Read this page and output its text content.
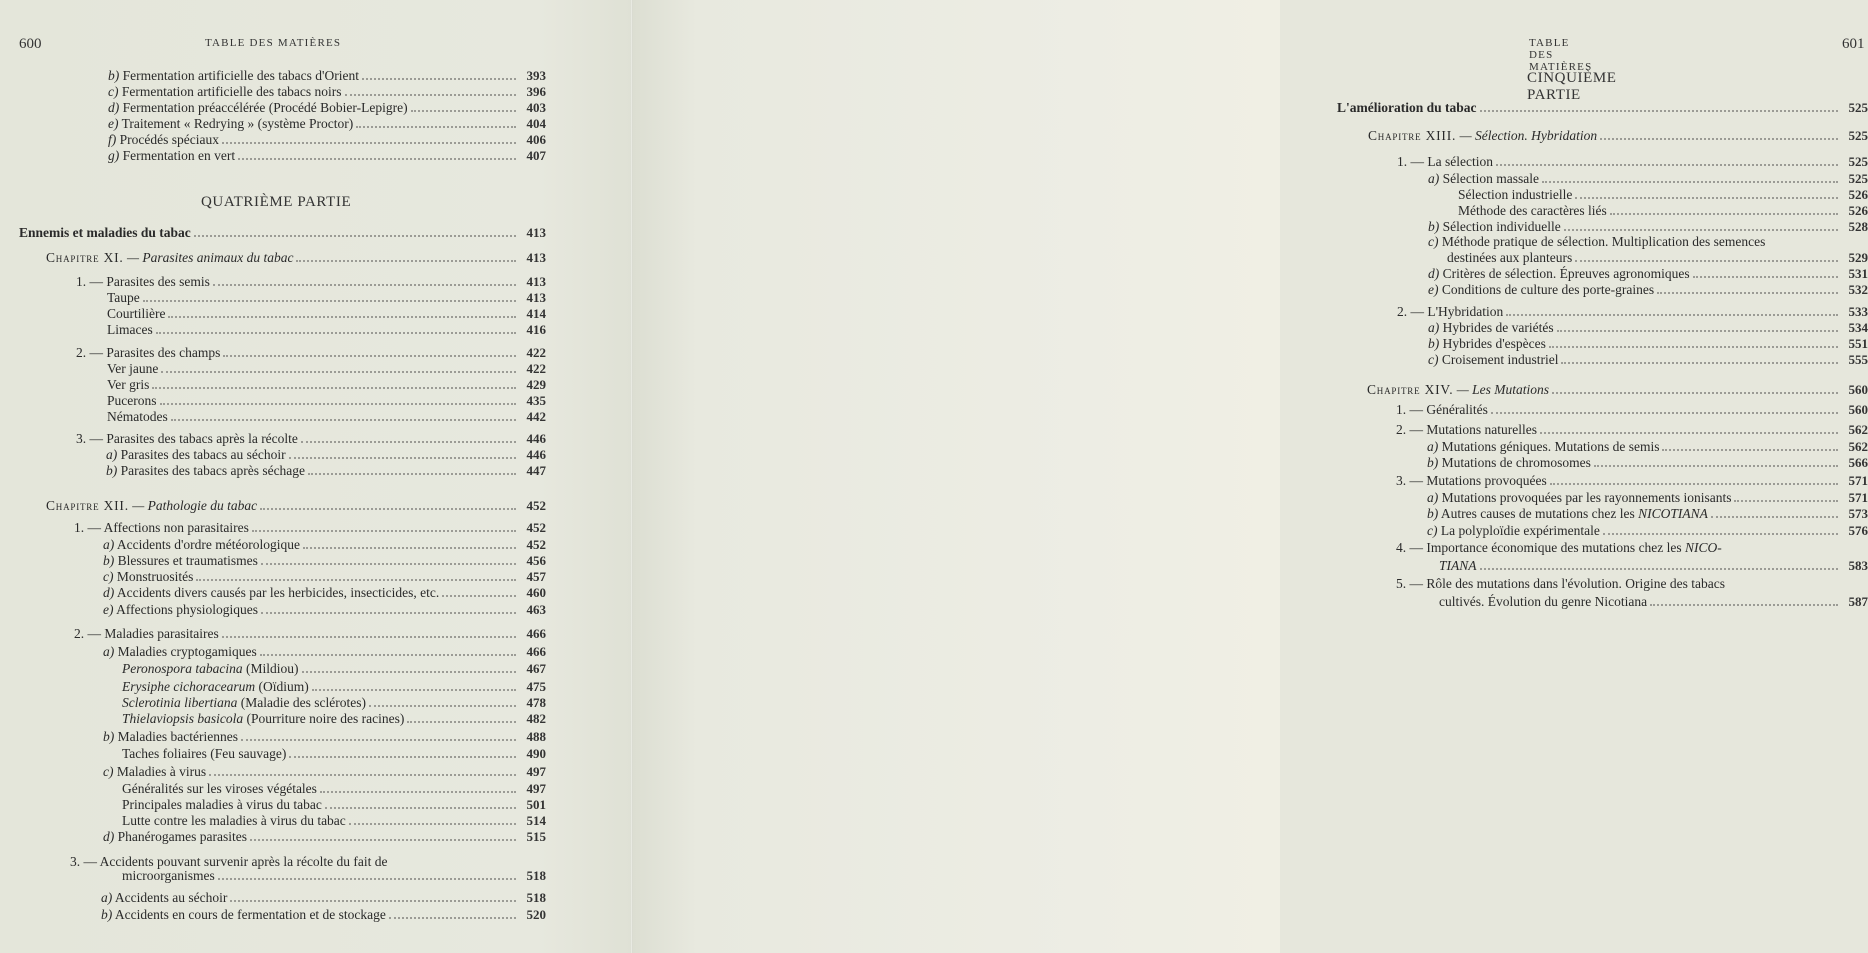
600	TABLE DES MATIÈRES
b) Fermentation artificielle des tabacs d'Orient	393
c) Fermentation artificielle des tabacs noirs	396
d) Fermentation préaccélérée (Procédé Bobier-Lepigre)	403
e) Traitement « Redrying » (système Proctor)	404
f) Procédés spéciaux	406
g) Fermentation en vert	407
QUATRIÈME PARTIE
Ennemis et maladies du tabac	413
Chapitre XI. — Parasites animaux du tabac	413
1. — Parasites des semis	413
Taupe	413
Courtilière	414
Limaces	416
2. — Parasites des champs	422
Ver jaune	422
Ver gris	429
Pucerons	435
Nématodes	442
3. — Parasites des tabacs après la récolte	446
a) Parasites des tabacs au séchoir	446
b) Parasites des tabacs après séchage	447
Chapitre XII. — Pathologie du tabac	452
1. — Affections non parasitaires	452
a) Accidents d'ordre météorologique	452
b) Blessures et traumatismes	456
c) Monstruosités	457
d) Accidents divers causés par les herbicides, insecticides, etc.	460
e) Affections physiologiques	463
2. — Maladies parasitaires	466
a) Maladies cryptogamiques	466
Peronospora tabacina (Mildiou)	467
Erysiphe cichoracearum (Oïdium)	475
Sclerotinia libertiana (Maladie des sclérotes)	478
Thielaviopsis basicola (Pourriture noire des racines)	482
b) Maladies bactériennes	488
Taches foliaires (Feu sauvage)	490
c) Maladies à virus	497
Généralités sur les viroses végétales	497
Principales maladies à virus du tabac	501
Lutte contre les maladies à virus du tabac	514
d) Phanérogames parasites	515
3. — Accidents pouvant survenir après la récolte du fait de
microorganismes	518
a) Accidents au séchoir	518
b) Accidents en cours de fermentation et de stockage	520
601
TABLE DES MATIÈRES
CINQUIÈME PARTIE
L'amélioration du tabac	525
Chapitre XIII. — Sélection. Hybridation	525
1. — La sélection	525
a) Sélection massale	525
Sélection industrielle	526
Méthode des caractères liés	526
b) Sélection individuelle	528
c) Méthode pratique de sélection. Multiplication des semences
destinées aux planteurs	529
d) Critères de sélection. Épreuves agronomiques	531
e) Conditions de culture des porte-graines	532
2. — L'Hybridation	533
a) Hybrides de variétés	534
b) Hybrides d'espèces	551
c) Croisement industriel	555
Chapitre XIV. — Les Mutations	560
1. — Généralités	560
2. — Mutations naturelles	562
a) Mutations géniques. Mutations de semis	562
b) Mutations de chromosomes	566
3. — Mutations provoquées	571
a) Mutations provoquées par les rayonnements ionisants	571
b) Autres causes de mutations chez les NICOTIANA	573
c) La polyploïdie expérimentale	576
4. — Importance économique des mutations chez les NICO-
TIANA	583
5. — Rôle des mutations dans l'évolution. Origine des tabacs
cultivés. Évolution du genre Nicotiana	587
